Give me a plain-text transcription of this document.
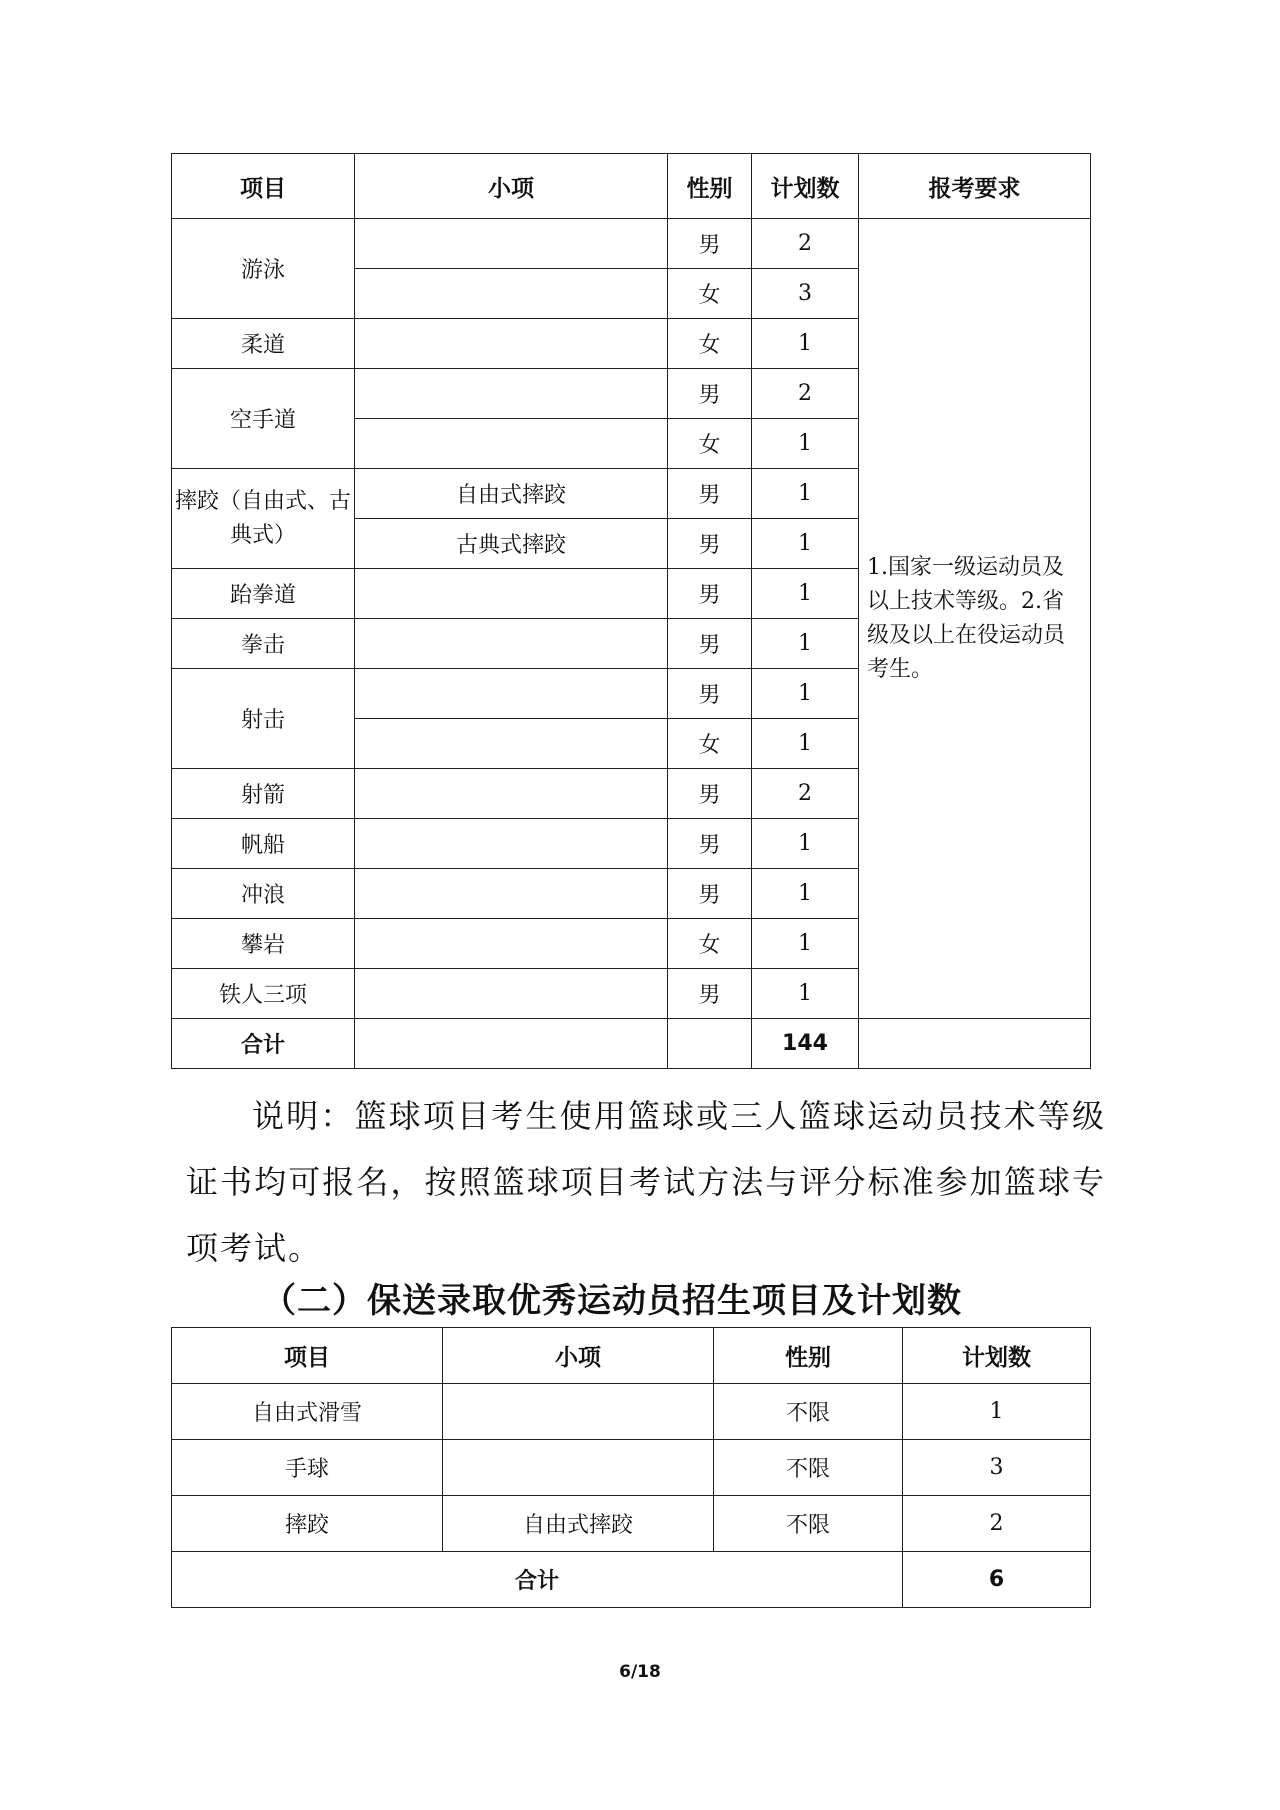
项目	小项	性别	计划数	报考要求
游泳		男	2	1.国家一级运动员及以上技术等级。2.省级及以上在役运动员考生。
		女	3	
柔道		女	1	
空手道		男	2	
		女	1	
摔跤（自由式、古典式）	自由式摔跤	男	1	
	古典式摔跤	男	1	
跆拳道		男	1	
拳击		男	1	
射击		男	1	
		女	1	
射箭		男	2	
帆船		男	1	
冲浪		男	1	
攀岩		女	1	
铁人三项		男	1	
合计			144	

说明：篮球项目考生使用篮球或三人篮球运动员技术等级证书均可报名，按照篮球项目考试方法与评分标准参加篮球专项考试。

（二）保送录取优秀运动员招生项目及计划数
项目	小项	性别	计划数
自由式滑雪		不限	1
手球		不限	3
摔跤	自由式摔跤	不限	2
合计			6
6/18
